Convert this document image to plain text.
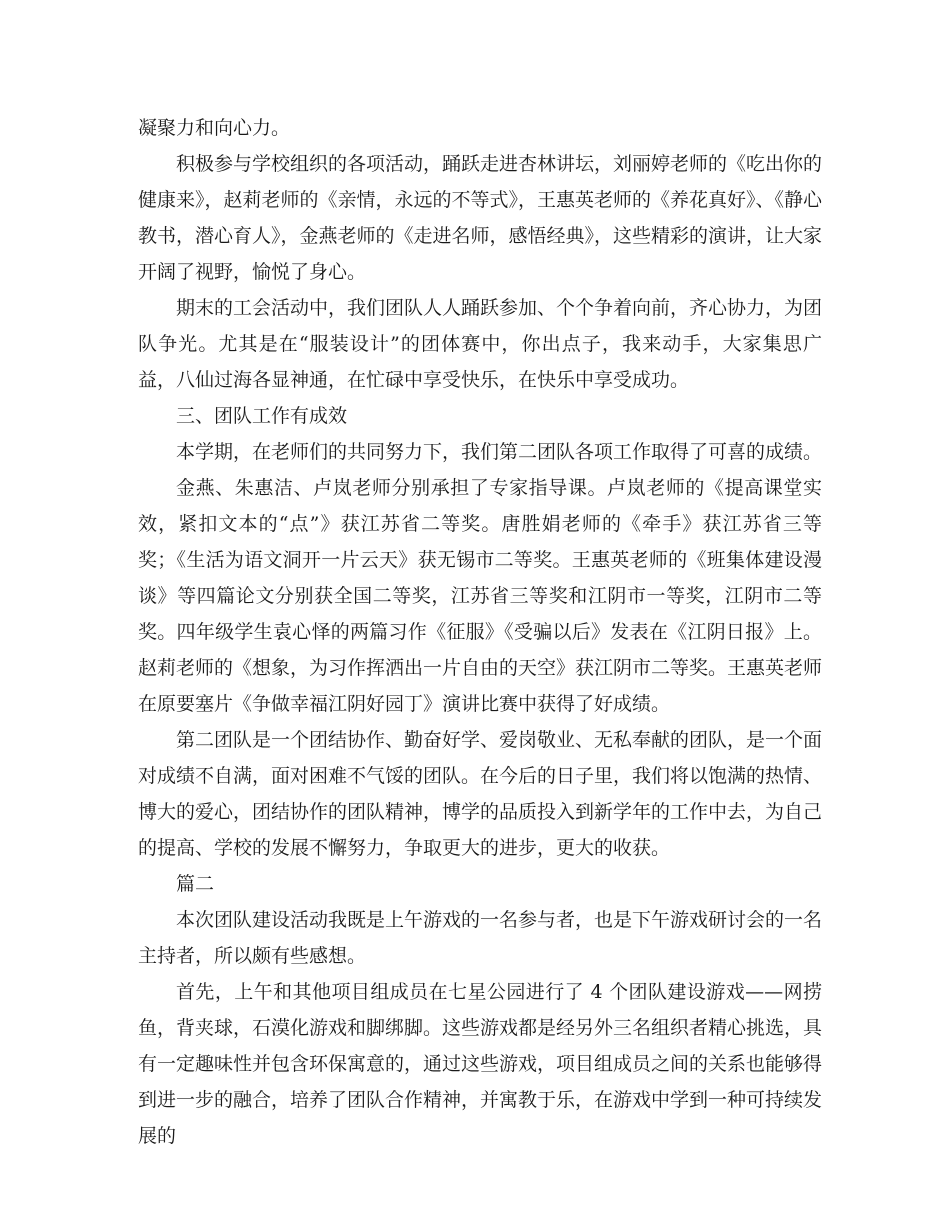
凝聚力和向心力。

积极参与学校组织的各项活动，踊跃走进杏林讲坛，刘丽婷老师的《吃出你的健康来》，赵莉老师的《亲情，永远的不等式》，王惠英老师的《养花真好》、《静心教书，潜心育人》，金燕老师的《走进名师，感悟经典》，这些精彩的演讲，让大家开阔了视野，愉悦了身心。

期末的工会活动中，我们团队人人踊跃参加、个个争着向前，齐心协力，为团队争光。尤其是在“服装设计”的团体赛中，你出点子，我来动手，大家集思广益，八仙过海各显神通，在忙碌中享受快乐，在快乐中享受成功。

三、团队工作有成效

本学期，在老师们的共同努力下，我们第二团队各项工作取得了可喜的成绩。

金燕、朱惠洁、卢岚老师分别承担了专家指导课。卢岚老师的《提高课堂实效，紧扣文本的“点”》获江苏省二等奖。唐胜娟老师的《牵手》获江苏省三等奖；《生活为语文洞开一片云天》获无锡市二等奖。王惠英老师的《班集体建设漫谈》等四篇论文分别获全国二等奖，江苏省三等奖和江阴市一等奖，江阴市二等奖。四年级学生袁心怿的两篇习作《征服》《受骗以后》发表在《江阴日报》上。赵莉老师的《想象，为习作挥洒出一片自由的天空》获江阴市二等奖。王惠英老师在原要塞片《争做幸福江阴好园丁》演讲比赛中获得了好成绩。

第二团队是一个团结协作、勤奋好学、爱岗敬业、无私奉献的团队，是一个面对成绩不自满，面对困难不气馁的团队。在今后的日子里，我们将以饱满的热情、博大的爱心，团结协作的团队精神，博学的品质投入到新学年的工作中去，为自己的提高、学校的发展不懈努力，争取更大的进步，更大的收获。

篇二

本次团队建设活动我既是上午游戏的一名参与者，也是下午游戏研讨会的一名主持者，所以颇有些感想。

首先，上午和其他项目组成员在七星公园进行了 4 个团队建设游戏——网捞鱼，背夹球，石漠化游戏和脚绑脚。这些游戏都是经另外三名组织者精心挑选，具有一定趣味性并包含环保寓意的，通过这些游戏，项目组成员之间的关系也能够得到进一步的融合，培养了团队合作精神，并寓教于乐，在游戏中学到一种可持续发展的
